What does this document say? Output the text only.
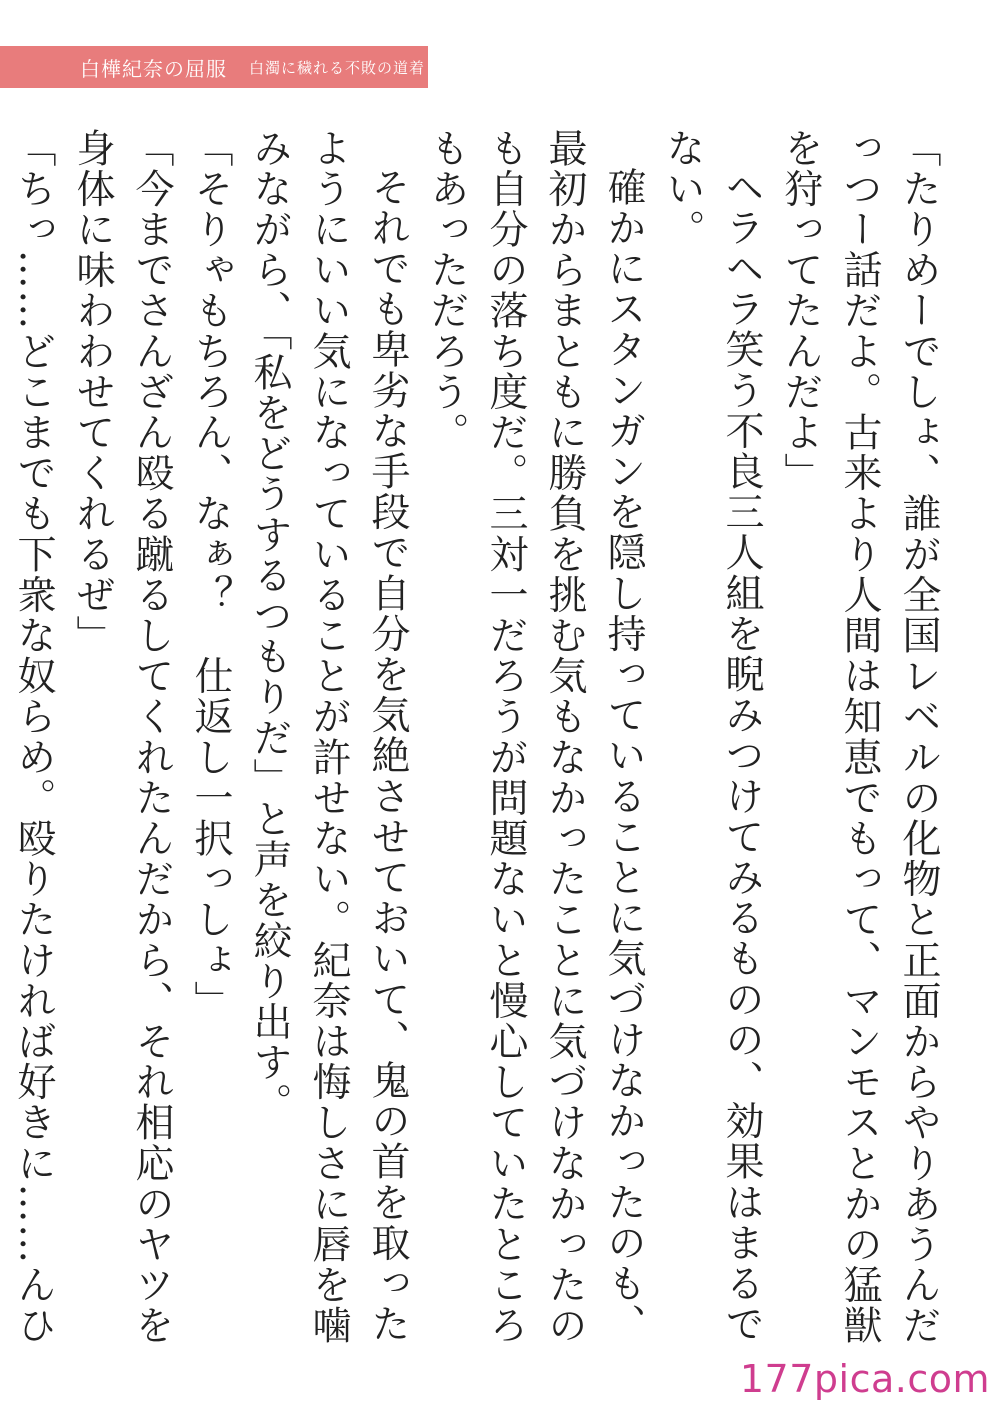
白樺紀奈の屈服 白濁に穢れる不敗の道着

「たりめーでしょ、誰が全国レベルの化物と正面からやりあうんだっつー話だよ。古来より人間は知恵でもって、マンモスとかの猛獣を狩ってたんだよ」

ヘラヘラ笑う不良三人組を睨みつけてみるものの、効果はまるでない。

確かにスタンガンを隠し持っていることに気づけなかったのも、最初からまともに勝負を挑む気もなかったことに気づけなかったのも自分の落ち度だ。三対一だろうが問題ないと慢心していたところもあっただろう。

それでも卑劣な手段で自分を気絶させておいて、鬼の首を取ったようにいい気になっていることが許せない。紀奈は悔しさに唇を噛みながら、「私をどうするつもりだ」と声を絞り出す。

「そりゃもちろん、なぁ？　仕返し一択っしょ」

「今までさんざん殴る蹴るしてくれたんだから、それ相応のヤツを身体に味わわせてくれるぜ」

「ちっ……どこまでも下衆な奴らめ。殴りたければ好きに……んひ

177pica.com
